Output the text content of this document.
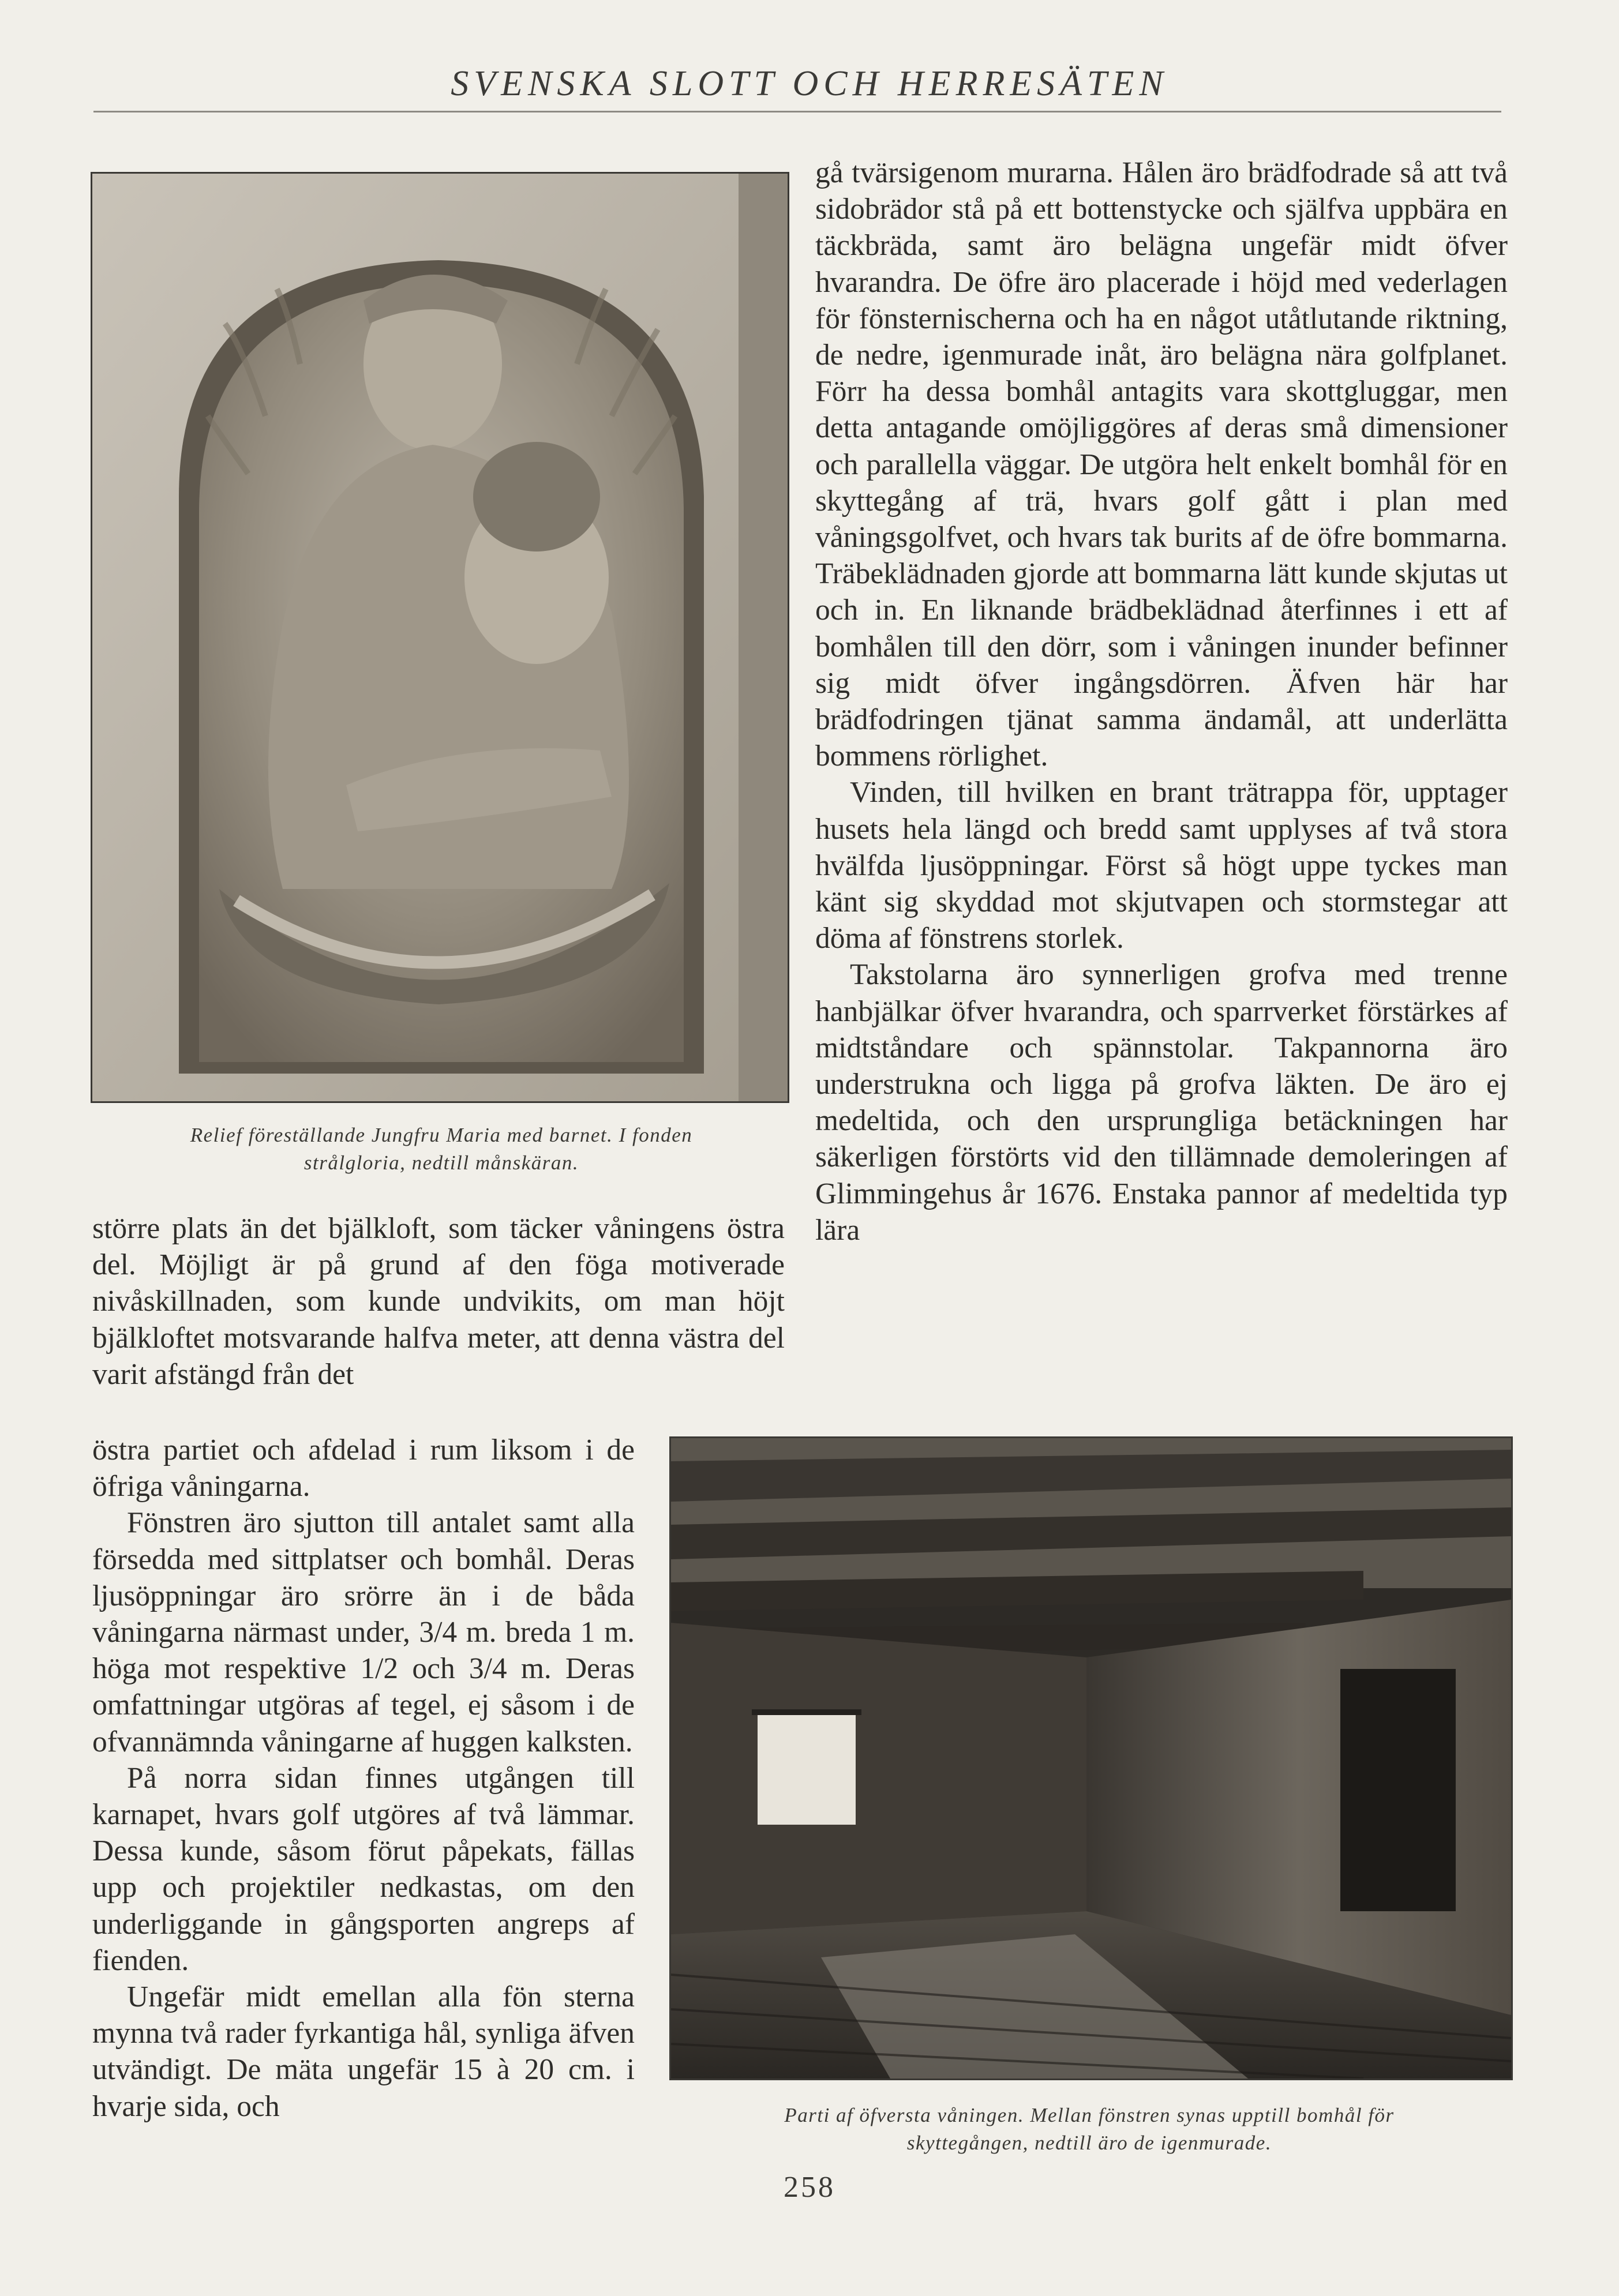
SVENSKA SLOTT OCH HERRESÄTEN
Relief föreställande Jungfru Maria med barnet. I fonden
strålgloria, nedtill månskäran.

gå tvärsigenom murarna. Hålen äro brädfodrade så att två sidobrädor stå på ett bottenstycke och själfva uppbära en täckbräda, samt äro belägna ungefär midt öfver hvarandra. De öfre äro placerade i höjd med vederlagen för fönsternischerna och ha en något utåtlutande riktning, de nedre, igenmurade inåt, äro belägna nära golfplanet. Förr ha dessa bomhål antagits vara skottgluggar, men detta antagande omöjliggöres af deras små dimensioner och parallella väggar. De utgöra helt enkelt bomhål för en skyttegång af trä, hvars golf gått i plan med våningsgolfvet, och hvars tak burits af de öfre bommarna. Träbeklädnaden gjorde att bommarna lätt kunde skjutas ut och in. En liknande brädbeklädnad återfinnes i ett af bomhålen till den dörr, som i våningen inunder befinner sig midt öfver ingångsdörren. Äfven här har brädfodringen tjänat samma ändamål, att underlätta bommens rörlighet.

Vinden, till hvilken en brant trätrappa för, upptager husets hela längd och bredd samt upplyses af två stora hvälfda ljusöppningar. Först så högt uppe tyckes man känt sig skyddad mot skjutvapen och stormstegar att döma af fönstrens storlek.

Takstolarna äro synnerligen grofva med trenne hanbjälkar öfver hvarandra, och sparrverket förstärkes af midtståndare och spännstolar. Takpannorna äro understrukna och ligga på grofva läkten. De äro ej medeltida, och den ursprungliga betäckningen har säkerligen förstörts vid den tillämnade demoleringen af Glimmingehus år 1676. Enstaka pannor af medeltida typ lära

större plats än det bjälkloft, som täcker våningens östra del. Möjligt är på grund af den föga motiverade nivåskillnaden, som kunde undvikits, om man höjt bjälkloftet motsvarande halfva meter, att denna västra del varit afstängd från det

östra partiet och afdelad i rum liksom i de öfriga våningarna.

Fönstren äro sjutton till antalet samt alla försedda med sittplatser och bomhål. Deras ljusöppningar äro srörre än i de båda våningarna närmast under, 3/4 m. breda 1 m. höga mot respektive 1/2 och 3/4 m. Deras omfattningar utgöras af tegel, ej såsom i de ofvannämnda våningarne af huggen kalksten.

På norra sidan finnes utgången till karnapet, hvars golf utgöres af två lämmar. Dessa kunde, såsom förut påpekats, fällas upp och projektiler nedkastas, om den underliggande in gångsporten angreps af fienden.

Ungefär midt emellan alla fön sterna mynna två rader fyrkantiga hål, synliga äfven utvändigt. De mäta ungefär 15 à 20 cm. i hvarje sida, och	Parti af öfversta våningen. Mellan fönstren synas upptill bomhål för
skyttegången, nedtill äro de igenmurade.
258
